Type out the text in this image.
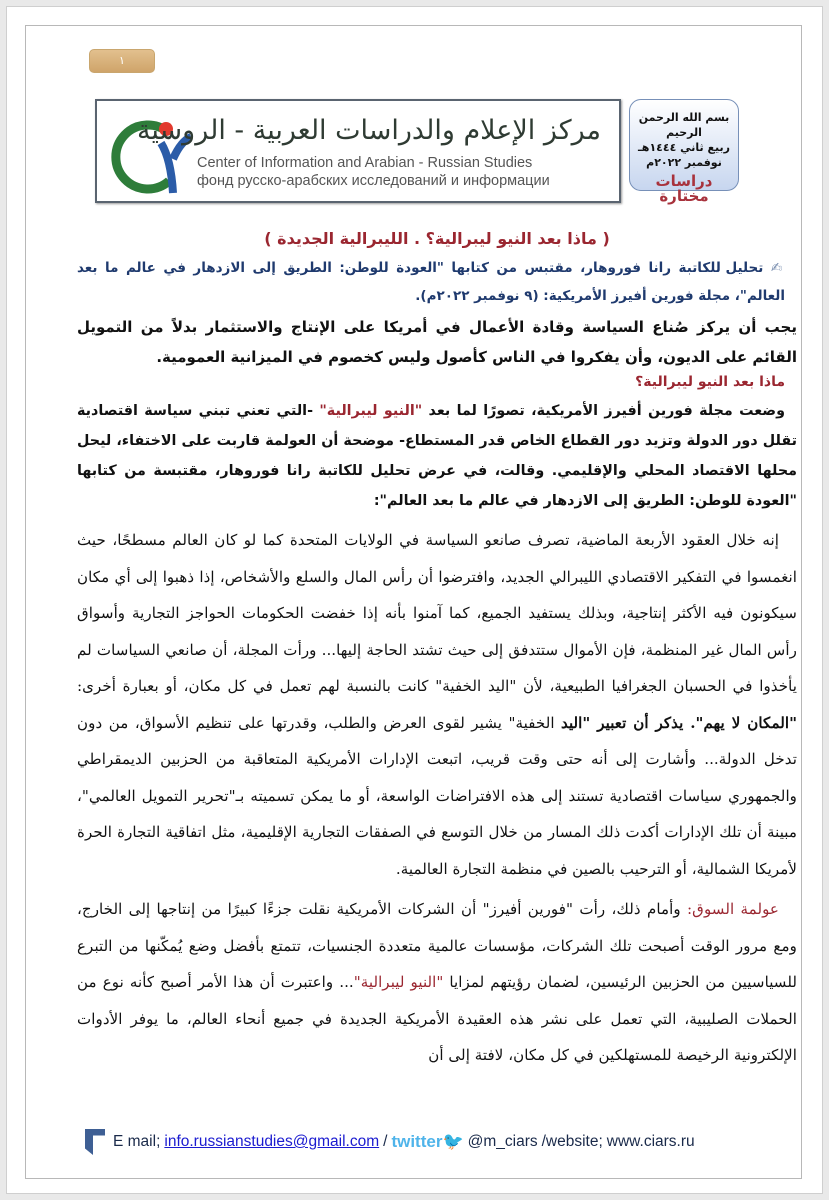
١
مركز الإعلام والدراسات العربية - الروسية
Center of Information and Arabian - Russian Studies
фонд русско-арабских исследований и информации
بسم الله الرحمن الرحيم
ربيع ثاني ١٤٤٤هـ
نوفمبر ٢٠٢٢م
دراسات مختارة

( ماذا بعد النيو ليبرالية؟ . الليبرالية الجديدة )

✍ تحليل للكاتبة رانا فوروهار، مقتبس من كتابها "العودة للوطن: الطريق إلى الازدهار في عالم ما بعد العالم"، مجلة فورين أفيرز الأمريكية: (٩ نوفمبر ٢٠٢٢م).

يجب أن يركز صُناع السياسة وقادة الأعمال في أمريكا على الإنتاج والاستثمار بدلاً من التمويل القائم على الديون، وأن يفكروا في الناس كأصول وليس كخصوم في الميزانية العمومية.

ماذا بعد النيو ليبرالية؟

وضعت مجلة فورين أفيرز الأمريكية، تصورًا لما بعد "النيو ليبرالية" -التي تعني تبني سياسة اقتصادية تقلل دور الدولة وتزيد دور القطاع الخاص قدر المستطاع- موضحة أن العولمة قاربت على الاختفاء، ليحل محلها الاقتصاد المحلي والإقليمي. وقالت، في عرض تحليل للكاتبة رانا فوروهار، مقتبسة من كتابها "العودة للوطن: الطريق إلى الازدهار في عالم ما بعد العالم":

إنه خلال العقود الأربعة الماضية، تصرف صانعو السياسة في الولايات المتحدة كما لو كان العالم مسطحًا، حيث انغمسوا في التفكير الاقتصادي الليبرالي الجديد، وافترضوا أن رأس المال والسلع والأشخاص، إذا ذهبوا إلى أي مكان سيكونون فيه الأكثر إنتاجية، وبذلك يستفيد الجميع، كما آمنوا بأنه إذا خفضت الحكومات الحواجز التجارية وأسواق رأس المال غير المنظمة، فإن الأموال ستتدفق إلى حيث تشتد الحاجة إليها... ورأت المجلة، أن صانعي السياسات لم يأخذوا في الحسبان الجغرافيا الطبيعية، لأن "اليد الخفية" كانت بالنسبة لهم تعمل في كل مكان، أو بعبارة أخرى: "المكان لا يهم". يذكر أن تعبير "اليد الخفية" يشير لقوى العرض والطلب، وقدرتها على تنظيم الأسواق، من دون تدخل الدولة... وأشارت إلى أنه حتى وقت قريب، اتبعت الإدارات الأمريكية المتعاقبة من الحزبين الديمقراطي والجمهوري سياسات اقتصادية تستند إلى هذه الافتراضات الواسعة، أو ما يمكن تسميته بـ"تحرير التمويل العالمي"، مبينة أن تلك الإدارات أكدت ذلك المسار من خلال التوسع في الصفقات التجارية الإقليمية، مثل اتفاقية التجارة الحرة لأمريكا الشمالية، أو الترحيب بالصين في منظمة التجارة العالمية.

عولمة السوق: وأمام ذلك، رأت "فورين أفيرز" أن الشركات الأمريكية نقلت جزءًا كبيرًا من إنتاجها إلى الخارج، ومع مرور الوقت أصبحت تلك الشركات، مؤسسات عالمية متعددة الجنسيات، تتمتع بأفضل وضع يُمكّنها من التبرع للسياسيين من الحزبين الرئيسين، لضمان رؤيتهم لمزايا "النيو ليبرالية"... واعتبرت أن هذا الأمر أصبح كأنه نوع من الحملات الصليبية، التي تعمل على نشر هذه العقيدة الأمريكية الجديدة في جميع أنحاء العالم، ما يوفر الأدوات الإلكترونية الرخيصة للمستهلكين في كل مكان، لافتة إلى أن

E mail; info.russianstudies@gmail.com / twitter🐦 @m_ciars /website; www.ciars.ru
